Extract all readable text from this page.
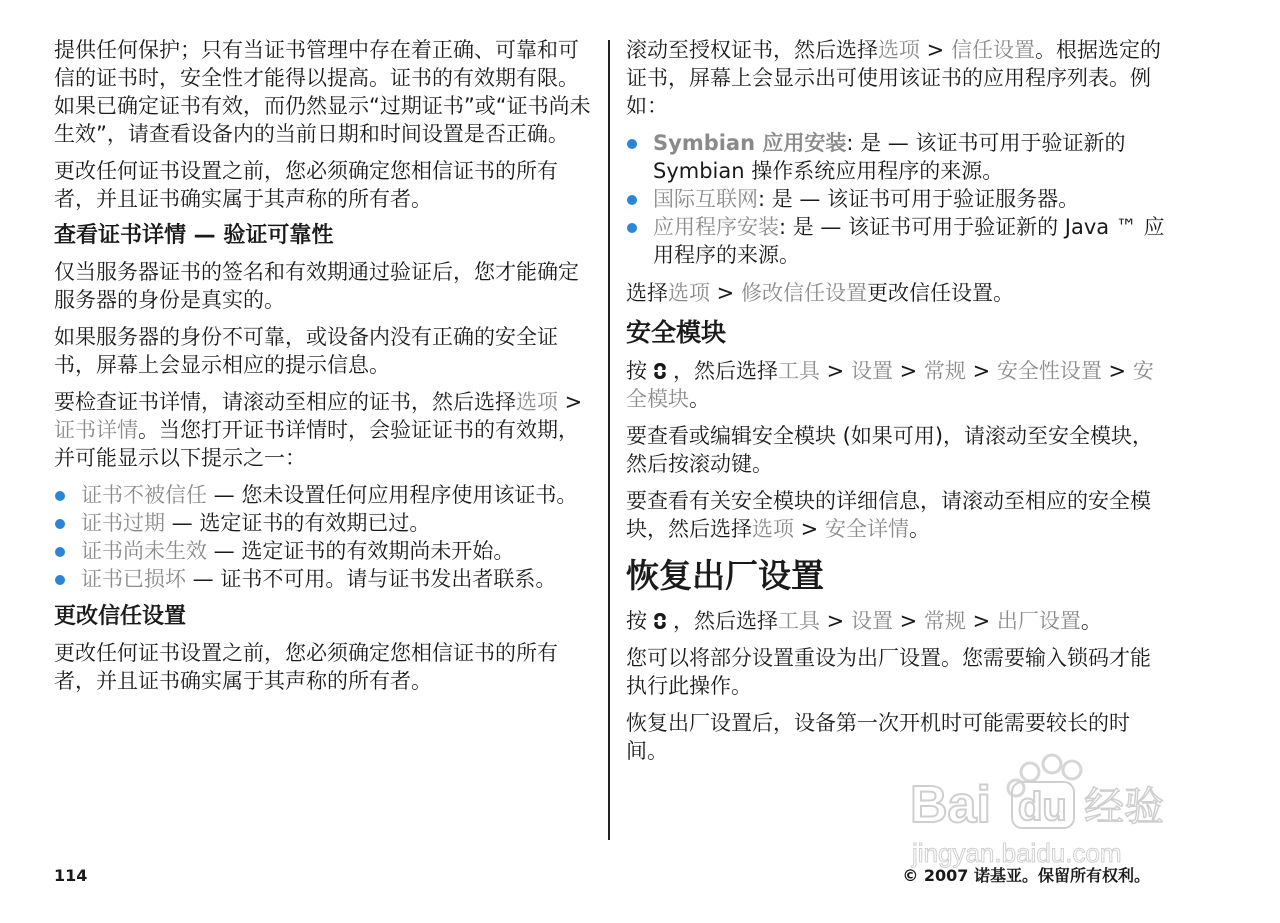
提供任何保护；只有当证书管理中存在着正确、可靠和可信的证书时，安全性才能得以提高。证书的有效期有限。如果已确定证书有效，而仍然显示“过期证书”或“证书尚未生效”，请查看设备内的当前日期和时间设置是否正确。

更改任何证书设置之前，您必须确定您相信证书的所有者，并且证书确实属于其声称的所有者。

查看证书详情 — 验证可靠性

仅当服务器证书的签名和有效期通过验证后，您才能确定服务器的身份是真实的。

如果服务器的身份不可靠，或设备内没有正确的安全证书，屏幕上会显示相应的提示信息。

要检查证书详情，请滚动至相应的证书，然后选择选项 > 证书详情。当您打开证书详情时，会验证证书的有效期，并可能显示以下提示之一：

证书不被信任 — 您未设置任何应用程序使用该证书。
证书过期 — 选定证书的有效期已过。
证书尚未生效 — 选定证书的有效期尚未开始。
证书已损坏 — 证书不可用。请与证书发出者联系。
更改信任设置

更改任何证书设置之前，您必须确定您相信证书的所有者，并且证书确实属于其声称的所有者。

滚动至授权证书，然后选择选项 > 信任设置。根据选定的证书，屏幕上会显示出可使用该证书的应用程序列表。例如：

Symbian 应用安装: 是 — 该证书可用于验证新的 Symbian 操作系统应用程序的来源。
国际互联网: 是 — 该证书可用于验证服务器。
应用程序安装: 是 — 该证书可用于验证新的 Java ™ 应用程序的来源。

选择选项 > 修改信任设置更改信任设置。

安全模块

按 ，然后选择工具 > 设置 > 常规 > 安全性设置 > 安全模块。

要查看或编辑安全模块 (如果可用)，请滚动至安全模块，然后按滚动键。

要查看有关安全模块的详细信息，请滚动至相应的安全模块，然后选择选项 > 安全详情。

恢复出厂设置

按 ，然后选择工具 > 设置 > 常规 > 出厂设置。

您可以将部分设置重设为出厂设置。您需要输入锁码才能执行此操作。

恢复出厂设置后，设备第一次开机时可能需要较长的时间。

Bai du 经验
jingyan.baidu.com
114	© 2007 诺基亚。保留所有权利。
